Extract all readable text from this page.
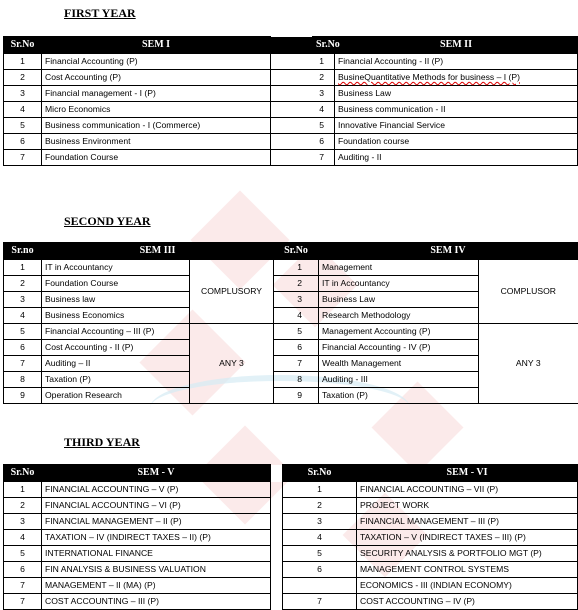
FIRST YEAR
Sr.No	SEM I		Sr.No	SEM II
1	Financial Accounting (P)	1		Financial Accounting - II (P)
2	Cost Accounting (P)	2		BusineQuantitative Methods for business – I (P)
3	Financial management - I (P)	3		Business Law
4	Micro Economics	4		Business communication - II
5	Business communication - I (Commerce)	5		Innovative Financial Service
6	Business Environment	6		Foundation course
7	Foundation Course	7		Auditing - II
SECOND YEAR
Sr.no	SEM III		Sr.No	SEM IV	
1	IT in Accountancy	COMPLUSORY	1	Management	COMPLUSOR
2	Foundation Course		2	IT in Accountancy	
3	Business law		3	Business Law	
4	Business Economics		4	Research Methodology	
5	Financial Accounting – III (P)	ANY 3	5	Management Accounting (P)	ANY 3
6	Cost Accounting - II (P)		6	Financial Accounting - IV (P)	
7	Auditing – II		7	Wealth Management	
8	Taxation (P)		8	Auditing - III	
9	Operation Research		9	Taxation (P)	
THIRD YEAR
Sr.No	SEM - V		Sr.No	SEM - VI
1	FINANCIAL ACCOUNTING – V (P)		1	FINANCIAL ACCOUNTING – VII (P)
2	FINANCIAL ACCOUNTING – VI (P)		2	PROJECT WORK
3	FINANCIAL MANAGEMENT – II (P)		3	FINANCIAL MANAGEMENT – III (P)
4	TAXATION – IV (INDIRECT TAXES – II) (P)		4	TAXATION – V (INDIRECT TAXES – III) (P)
5	INTERNATIONAL FINANCE		5	SECURITY ANALYSIS & PORTFOLIO MGT (P)
6	FIN ANALYSIS & BUSINESS VALUATION		6	MANAGEMENT CONTROL SYSTEMS
7	MANAGEMENT – II (MA) (P)			ECONOMICS - III (INDIAN ECONOMY)
7	COST ACCOUNTING – III (P)		7	COST ACCOUNTING – IV (P)
